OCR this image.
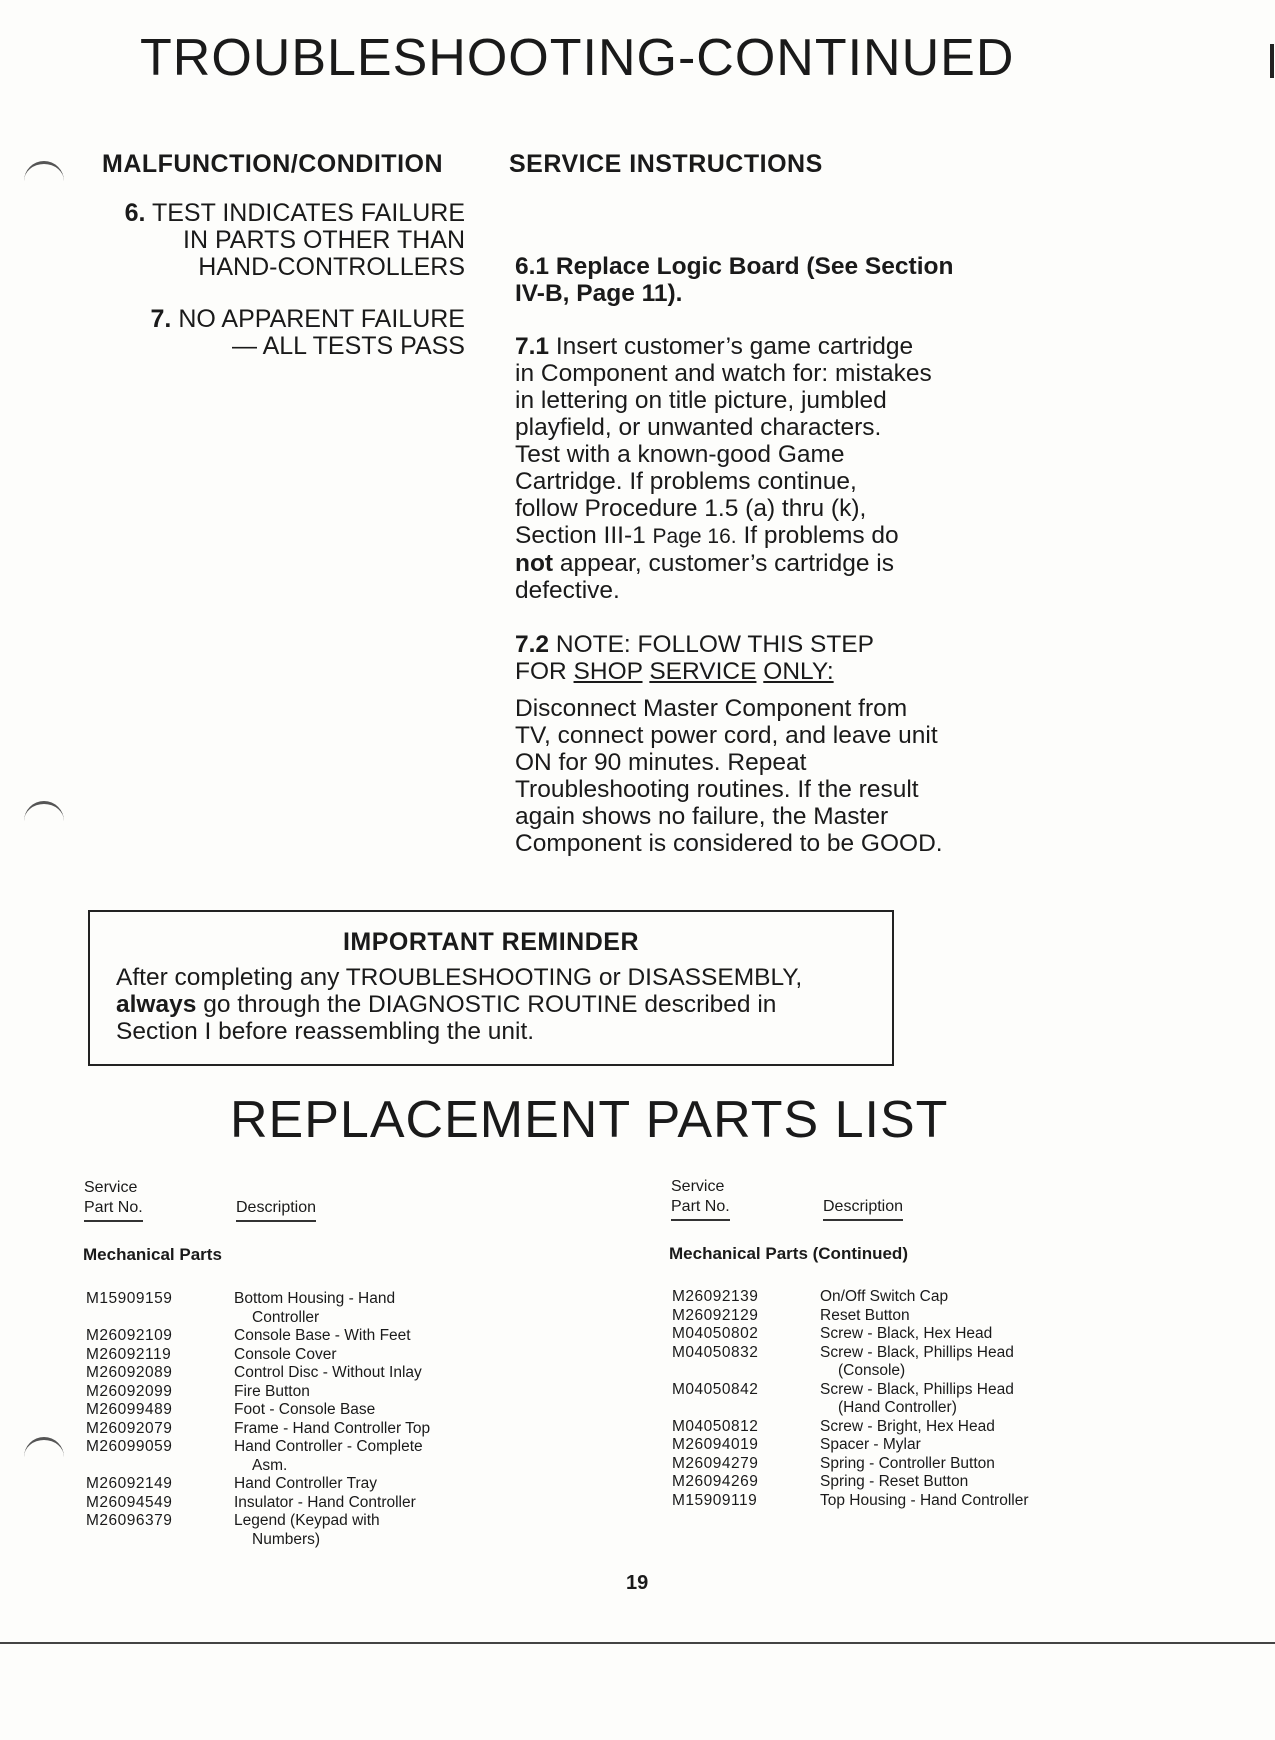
TROUBLESHOOTING-CONTINUED
MALFUNCTION/CONDITION	SERVICE INSTRUCTIONS
6. TEST INDICATES FAILURE
IN PARTS OTHER THAN
HAND-CONTROLLERS
7. NO APPARENT FAILURE
— ALL TESTS PASS
6.1 Replace Logic Board (See Section
IV-B, Page 11).
7.1 Insert customer’s game cartridge
in Component and watch for: mistakes
in lettering on title picture, jumbled
playfield, or unwanted characters.
Test with a known-good Game
Cartridge. If problems continue,
follow Procedure 1.5 (a) thru (k),
Section III-1 Page 16. If problems do
not appear, customer’s cartridge is
defective.
7.2 NOTE: FOLLOW THIS STEP
FOR SHOP SERVICE ONLY:
Disconnect Master Component from
TV, connect power cord, and leave unit
ON for 90 minutes. Repeat
Troubleshooting routines. If the result
again shows no failure, the Master
Component is considered to be GOOD.
IMPORTANT REMINDER
After completing any TROUBLESHOOTING or DISASSEMBLY,
always go through the DIAGNOSTIC ROUTINE described in
Section I before reassembling the unit.
REPLACEMENT PARTS LIST
Service
Part No.	Description
Mechanical Parts
M15909159	Bottom Housing - Hand
Controller
M26092109	Console Base - With Feet
M26092119	Console Cover
M26092089	Control Disc - Without Inlay
M26092099	Fire Button
M26099489	Foot - Console Base
M26092079	Frame - Hand Controller Top
M26099059	Hand Controller - Complete
Asm.
M26092149	Hand Controller Tray
M26094549	Insulator - Hand Controller
M26096379	Legend (Keypad with
Numbers)
Service
Part No.	Description
Mechanical Parts (Continued)
M26092139	On/Off Switch Cap
M26092129	Reset Button
M04050802	Screw - Black, Hex Head
M04050832	Screw - Black, Phillips Head
(Console)
M04050842	Screw - Black, Phillips Head
(Hand Controller)
M04050812	Screw - Bright, Hex Head
M26094019	Spacer - Mylar
M26094279	Spring - Controller Button
M26094269	Spring - Reset Button
M15909119	Top Housing - Hand Controller
19
